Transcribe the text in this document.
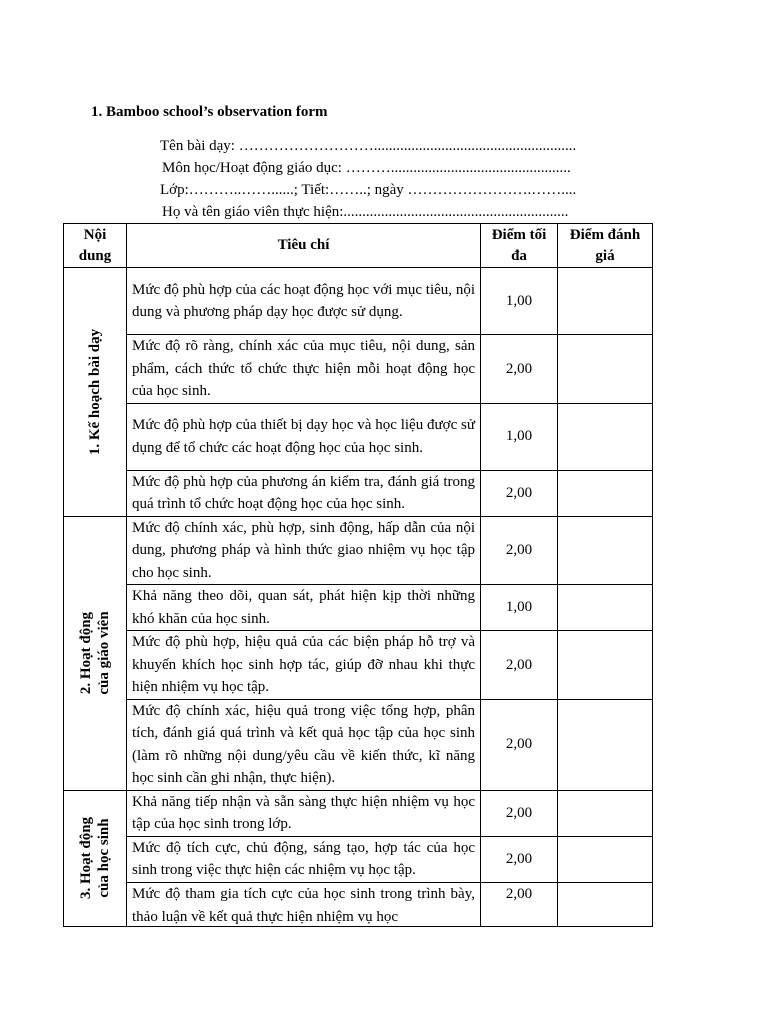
1. Bamboo school’s observation form
Tên bài dạy: ………………………......................................................
Môn học/Hoạt động giáo dục: ………................................................
Lớp:………..……......; Tiết:……..; ngày …………………….……....
Họ và tên giáo viên thực hiện:............................................................
Nội dung	Tiêu chí	Điểm tối đa	Điểm đánh giá

1. Kế hoạch bài dạy	Mức độ phù hợp của các hoạt động học với mục tiêu, nội dung và phương pháp dạy học được sử dụng.	1,00	
	Mức độ rõ ràng, chính xác của mục tiêu, nội dung, sản phẩm, cách thức tổ chức thực hiện mỗi hoạt động học của học sinh.	2,00	
	Mức độ phù hợp của thiết bị dạy học và học liệu được sử dụng để tổ chức các hoạt động học của học sinh.	1,00	
	Mức độ phù hợp của phương án kiểm tra, đánh giá trong quá trình tổ chức hoạt động học của học sinh.	2,00	

2. Hoạt động của giáo viên	Mức độ chính xác, phù hợp, sinh động, hấp dẫn của nội dung, phương pháp và hình thức giao nhiệm vụ học tập cho học sinh.	2,00	
	Khả năng theo dõi, quan sát, phát hiện kịp thời những khó khăn của học sinh.	1,00	
	Mức độ phù hợp, hiệu quả của các biện pháp hỗ trợ và khuyến khích học sinh hợp tác, giúp đỡ nhau khi thực hiện nhiệm vụ học tập.	2,00	
	Mức độ chính xác, hiệu quả trong việc tổng hợp, phân tích, đánh giá quá trình và kết quả học tập của học sinh (làm rõ những nội dung/yêu cầu về kiến thức, kĩ năng học sinh cần ghi nhận, thực hiện).	2,00	

3. Hoạt động của học sinh	Khả năng tiếp nhận và sẵn sàng thực hiện nhiệm vụ học tập của học sinh trong lớp.	2,00	
	Mức độ tích cực, chủ động, sáng tạo, hợp tác của học sinh trong việc thực hiện các nhiệm vụ học tập.	2,00	

	Mức độ tham gia tích cực của học sinh trong trình bày, thảo luận về kết quả thực hiện nhiệm vụ học	2,00	
